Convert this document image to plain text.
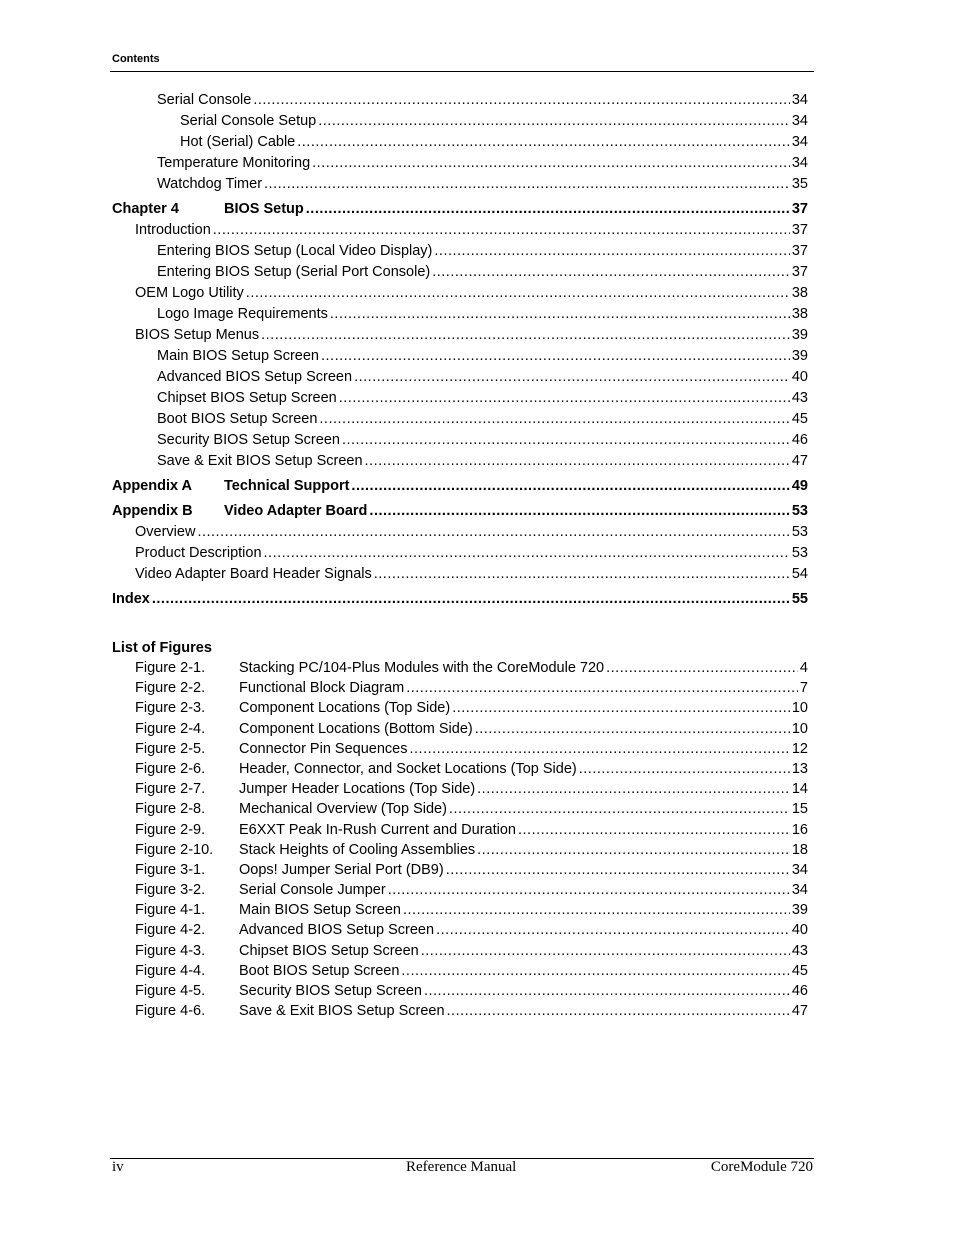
Contents
Serial Console .....	34
Serial Console Setup .....	34
Hot (Serial) Cable .....	34
Temperature Monitoring .....	34
Watchdog Timer .....	35
Chapter 4	BIOS Setup .....	37
Introduction .....	37
Entering BIOS Setup (Local Video Display) .....	37
Entering BIOS Setup (Serial Port Console) .....	37
OEM Logo Utility .....	38
Logo Image Requirements .....	38
BIOS Setup Menus .....	39
Main BIOS Setup Screen .....	39
Advanced BIOS Setup Screen .....	40
Chipset BIOS Setup Screen .....	43
Boot BIOS Setup Screen .....	45
Security BIOS Setup Screen .....	46
Save & Exit BIOS Setup Screen .....	47
Appendix A	Technical Support .....	49
Appendix B	Video Adapter Board .....	53
Overview .....	53
Product Description .....	53
Video Adapter Board Header Signals .....	54
Index .....	55
List of Figures
Figure 2-1.	Stacking PC/104-Plus Modules with the CoreModule 720 .....	4
Figure 2-2.	Functional Block Diagram .....	7
Figure 2-3.	Component Locations (Top Side) .....	10
Figure 2-4.	Component Locations (Bottom Side) .....	10
Figure 2-5.	Connector Pin Sequences .....	12
Figure 2-6.	Header, Connector, and Socket Locations (Top Side) .....	13
Figure 2-7.	Jumper Header Locations (Top Side) .....	14
Figure 2-8.	Mechanical Overview (Top Side) .....	15
Figure 2-9.	E6XXT Peak In-Rush Current and Duration .....	16
Figure 2-10.	Stack Heights of Cooling Assemblies .....	18
Figure 3-1.	Oops! Jumper Serial Port (DB9) .....	34
Figure 3-2.	Serial Console Jumper .....	34
Figure 4-1.	Main BIOS Setup Screen .....	39
Figure 4-2.	Advanced BIOS Setup Screen .....	40
Figure 4-3.	Chipset BIOS Setup Screen .....	43
Figure 4-4.	Boot BIOS Setup Screen .....	45
Figure 4-5.	Security BIOS Setup Screen .....	46
Figure 4-6.	Save & Exit BIOS Setup Screen .....	47
iv	Reference Manual	CoreModule 720
